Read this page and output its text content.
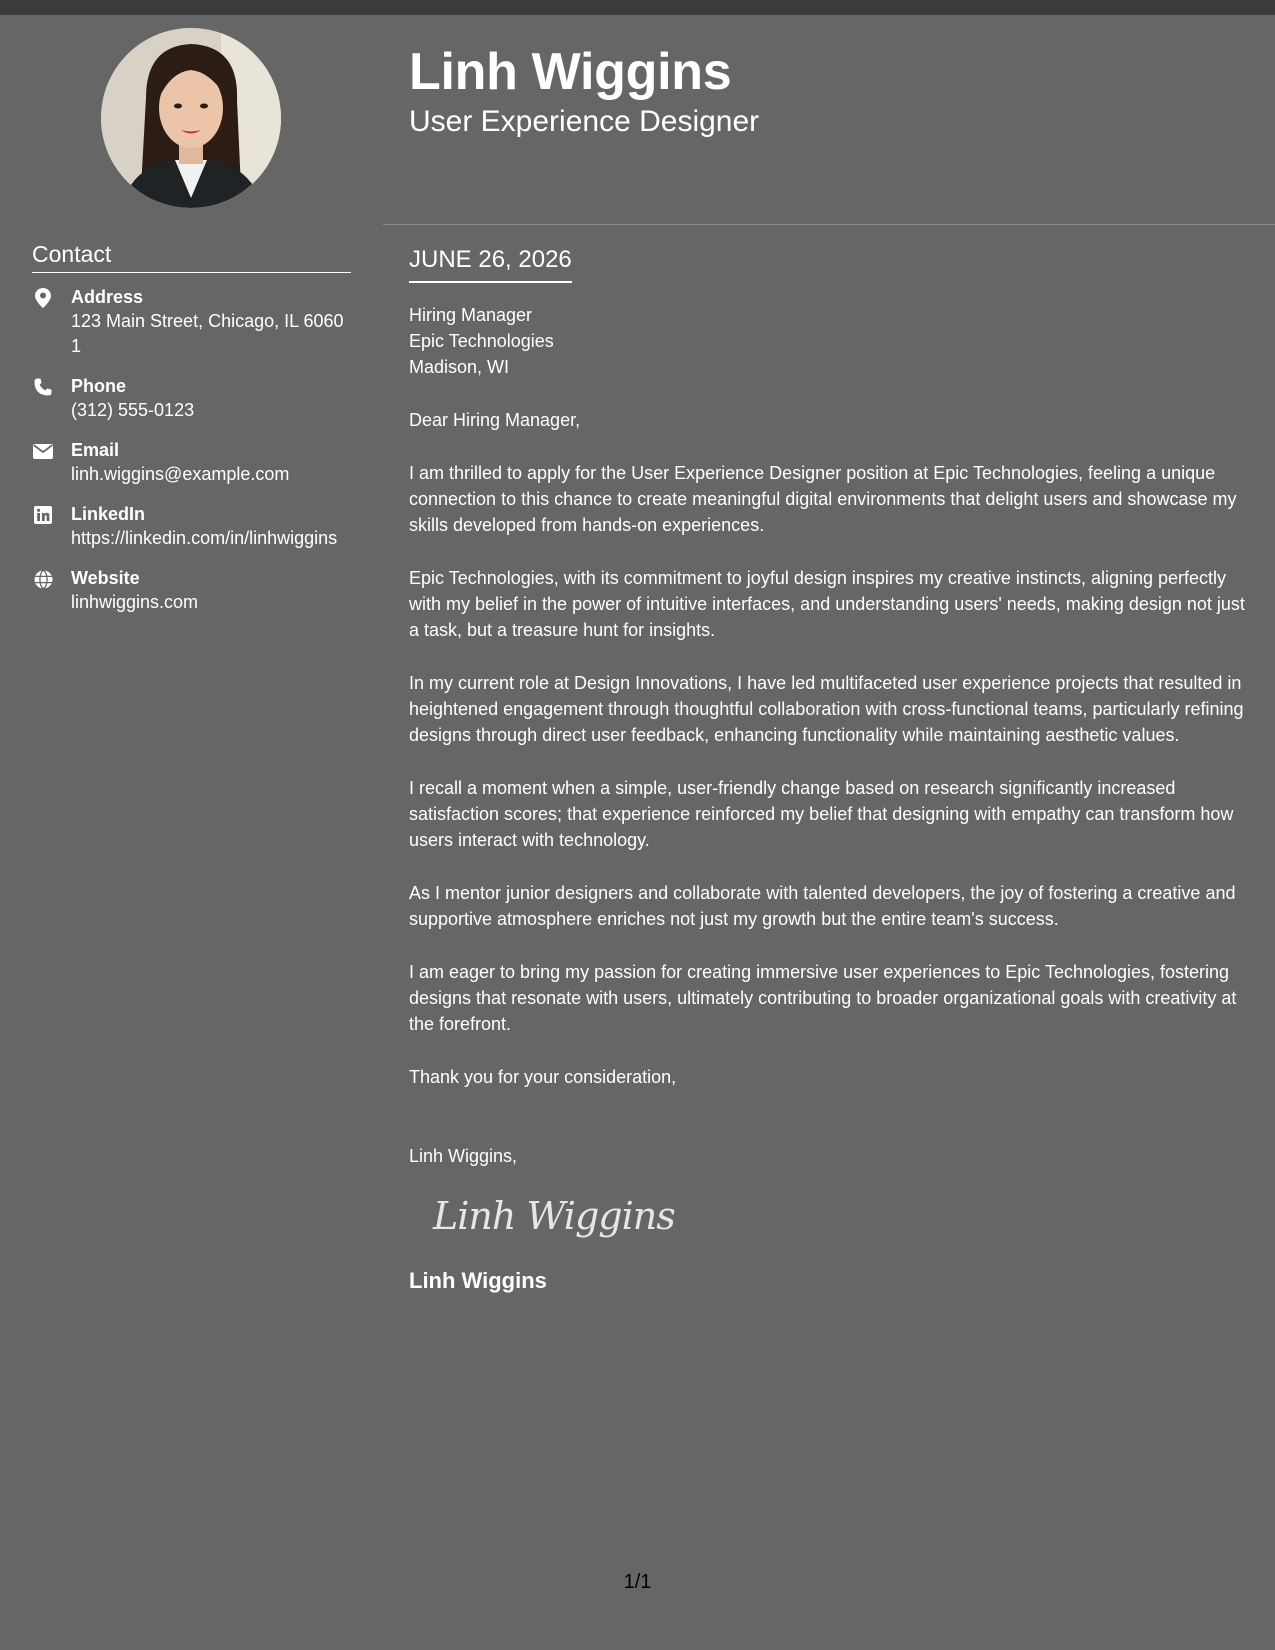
Contact
Address
123 Main Street, Chicago, IL 60601
Phone
(312) 555-0123
Email
linh.wiggins@example.com
LinkedIn
https://linkedin.com/in/linhwiggins
Website
linhwiggins.com
Linh Wiggins
User Experience Designer
JUNE 26, 2026
Hiring Manager
Epic Technologies
Madison, WI
Dear Hiring Manager,

I am thrilled to apply for the User Experience Designer position at Epic Technologies, feeling a unique connection to this chance to create meaningful digital environments that delight users and showcase my skills developed from hands-on experiences.

Epic Technologies, with its commitment to joyful design inspires my creative instincts, aligning perfectly with my belief in the power of intuitive interfaces, and understanding users' needs, making design not just a task, but a treasure hunt for insights.

In my current role at Design Innovations, I have led multifaceted user experience projects that resulted in heightened engagement through thoughtful collaboration with cross-functional teams, particularly refining designs through direct user feedback, enhancing functionality while maintaining aesthetic values.

I recall a moment when a simple, user-friendly change based on research significantly increased satisfaction scores; that experience reinforced my belief that designing with empathy can transform how users interact with technology.

As I mentor junior designers and collaborate with talented developers, the joy of fostering a creative and supportive atmosphere enriches not just my growth but the entire team's success.

I am eager to bring my passion for creating immersive user experiences to Epic Technologies, fostering designs that resonate with users, ultimately contributing to broader organizational goals with creativity at the forefront.

Thank you for your consideration,
Linh Wiggins,
Linh Wiggins
Linh Wiggins
1/1
